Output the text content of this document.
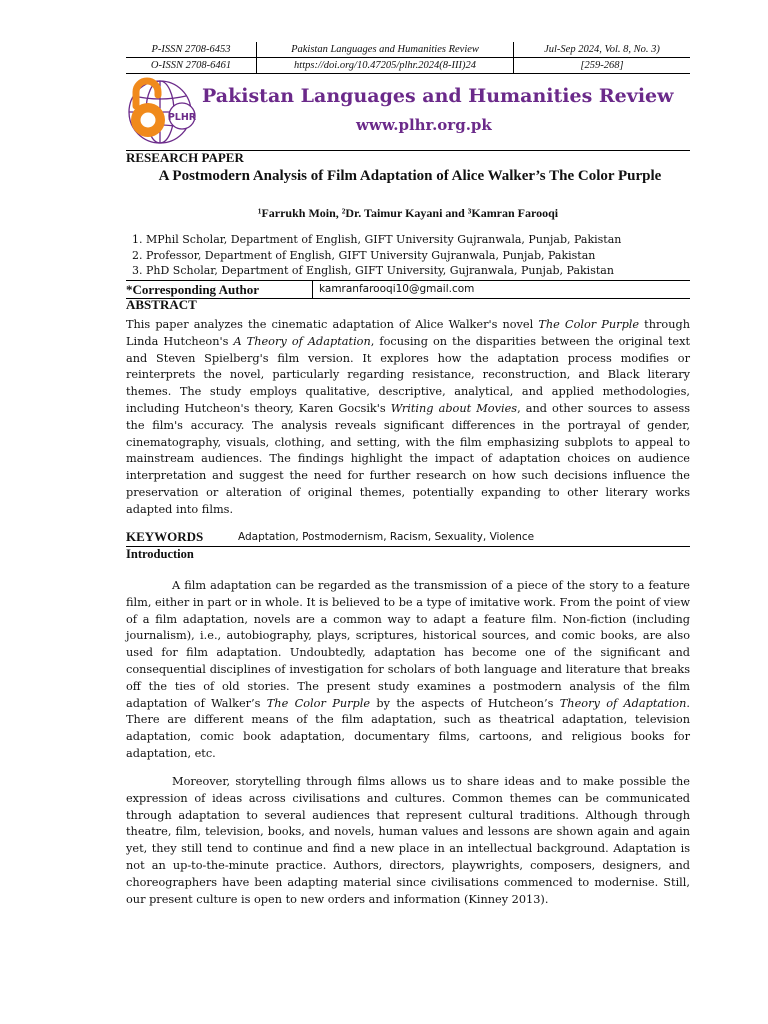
P-ISSN 2708-6453	Pakistan Languages and Humanities Review	Jul-Sep 2024, Vol. 8, No. 3)
O-ISSN 2708-6461	https://doi.org/10.47205/plhr.2024(8-III)24	[259-268]
PLHR
Pakistan Languages and Humanities Review
www.plhr.org.pk
RESEARCH PAPER
A Postmodern Analysis of Film Adaptation of Alice Walker’s The Color Purple
¹Farrukh Moin, ²Dr. Taimur Kayani and ³Kamran Farooqi
1. MPhil Scholar, Department of English, GIFT University Gujranwala, Punjab, Pakistan
2. Professor, Department of English, GIFT University Gujranwala, Punjab, Pakistan
3. PhD Scholar, Department of English, GIFT University, Gujranwala, Punjab, Pakistan
*Corresponding Author	kamranfarooqi10@gmail.com
ABSTRACT
This paper analyzes the cinematic adaptation of Alice Walker's novel The Color Purple through Linda Hutcheon's A Theory of Adaptation, focusing on the disparities between the original text and Steven Spielberg's film version. It explores how the adaptation process modifies or reinterprets the novel, particularly regarding resistance, reconstruction, and Black literary themes. The study employs qualitative, descriptive, analytical, and applied methodologies, including Hutcheon's theory, Karen Gocsik's Writing about Movies, and other sources to assess the film's accuracy. The analysis reveals significant differences in the portrayal of gender, cinematography, visuals, clothing, and setting, with the film emphasizing subplots to appeal to mainstream audiences. The findings highlight the impact of adaptation choices on audience interpretation and suggest the need for further research on how such decisions influence the preservation or alteration of original themes, potentially expanding to other literary works adapted into films.
KEYWORDS	Adaptation, Postmodernism, Racism, Sexuality, Violence
Introduction
A film adaptation can be regarded as the transmission of a piece of the story to a feature film, either in part or in whole. It is believed to be a type of imitative work. From the point of view of a film adaptation, novels are a common way to adapt a feature film. Non-fiction (including journalism), i.e., autobiography, plays, scriptures, historical sources, and comic books, are also used for film adaptation. Undoubtedly, adaptation has become one of the significant and consequential disciplines of investigation for scholars of both language and literature that breaks off the ties of old stories. The present study examines a postmodern analysis of the film adaptation of Walker’s The Color Purple by the aspects of Hutcheon’s Theory of Adaptation. There are different means of the film adaptation, such as theatrical adaptation, television adaptation, comic book adaptation, documentary films, cartoons, and religious books for adaptation, etc.
Moreover, storytelling through films allows us to share ideas and to make possible the expression of ideas across civilisations and cultures. Common themes can be communicated through adaptation to several audiences that represent cultural traditions. Although through theatre, film, television, books, and novels, human values and lessons are shown again and again yet, they still tend to continue and find a new place in an intellectual background. Adaptation is not an up-to-the-minute practice. Authors, directors, playwrights, composers, designers, and choreographers have been adapting material since civilisations commenced to modernise. Still, our present culture is open to new orders and information (Kinney 2013).
